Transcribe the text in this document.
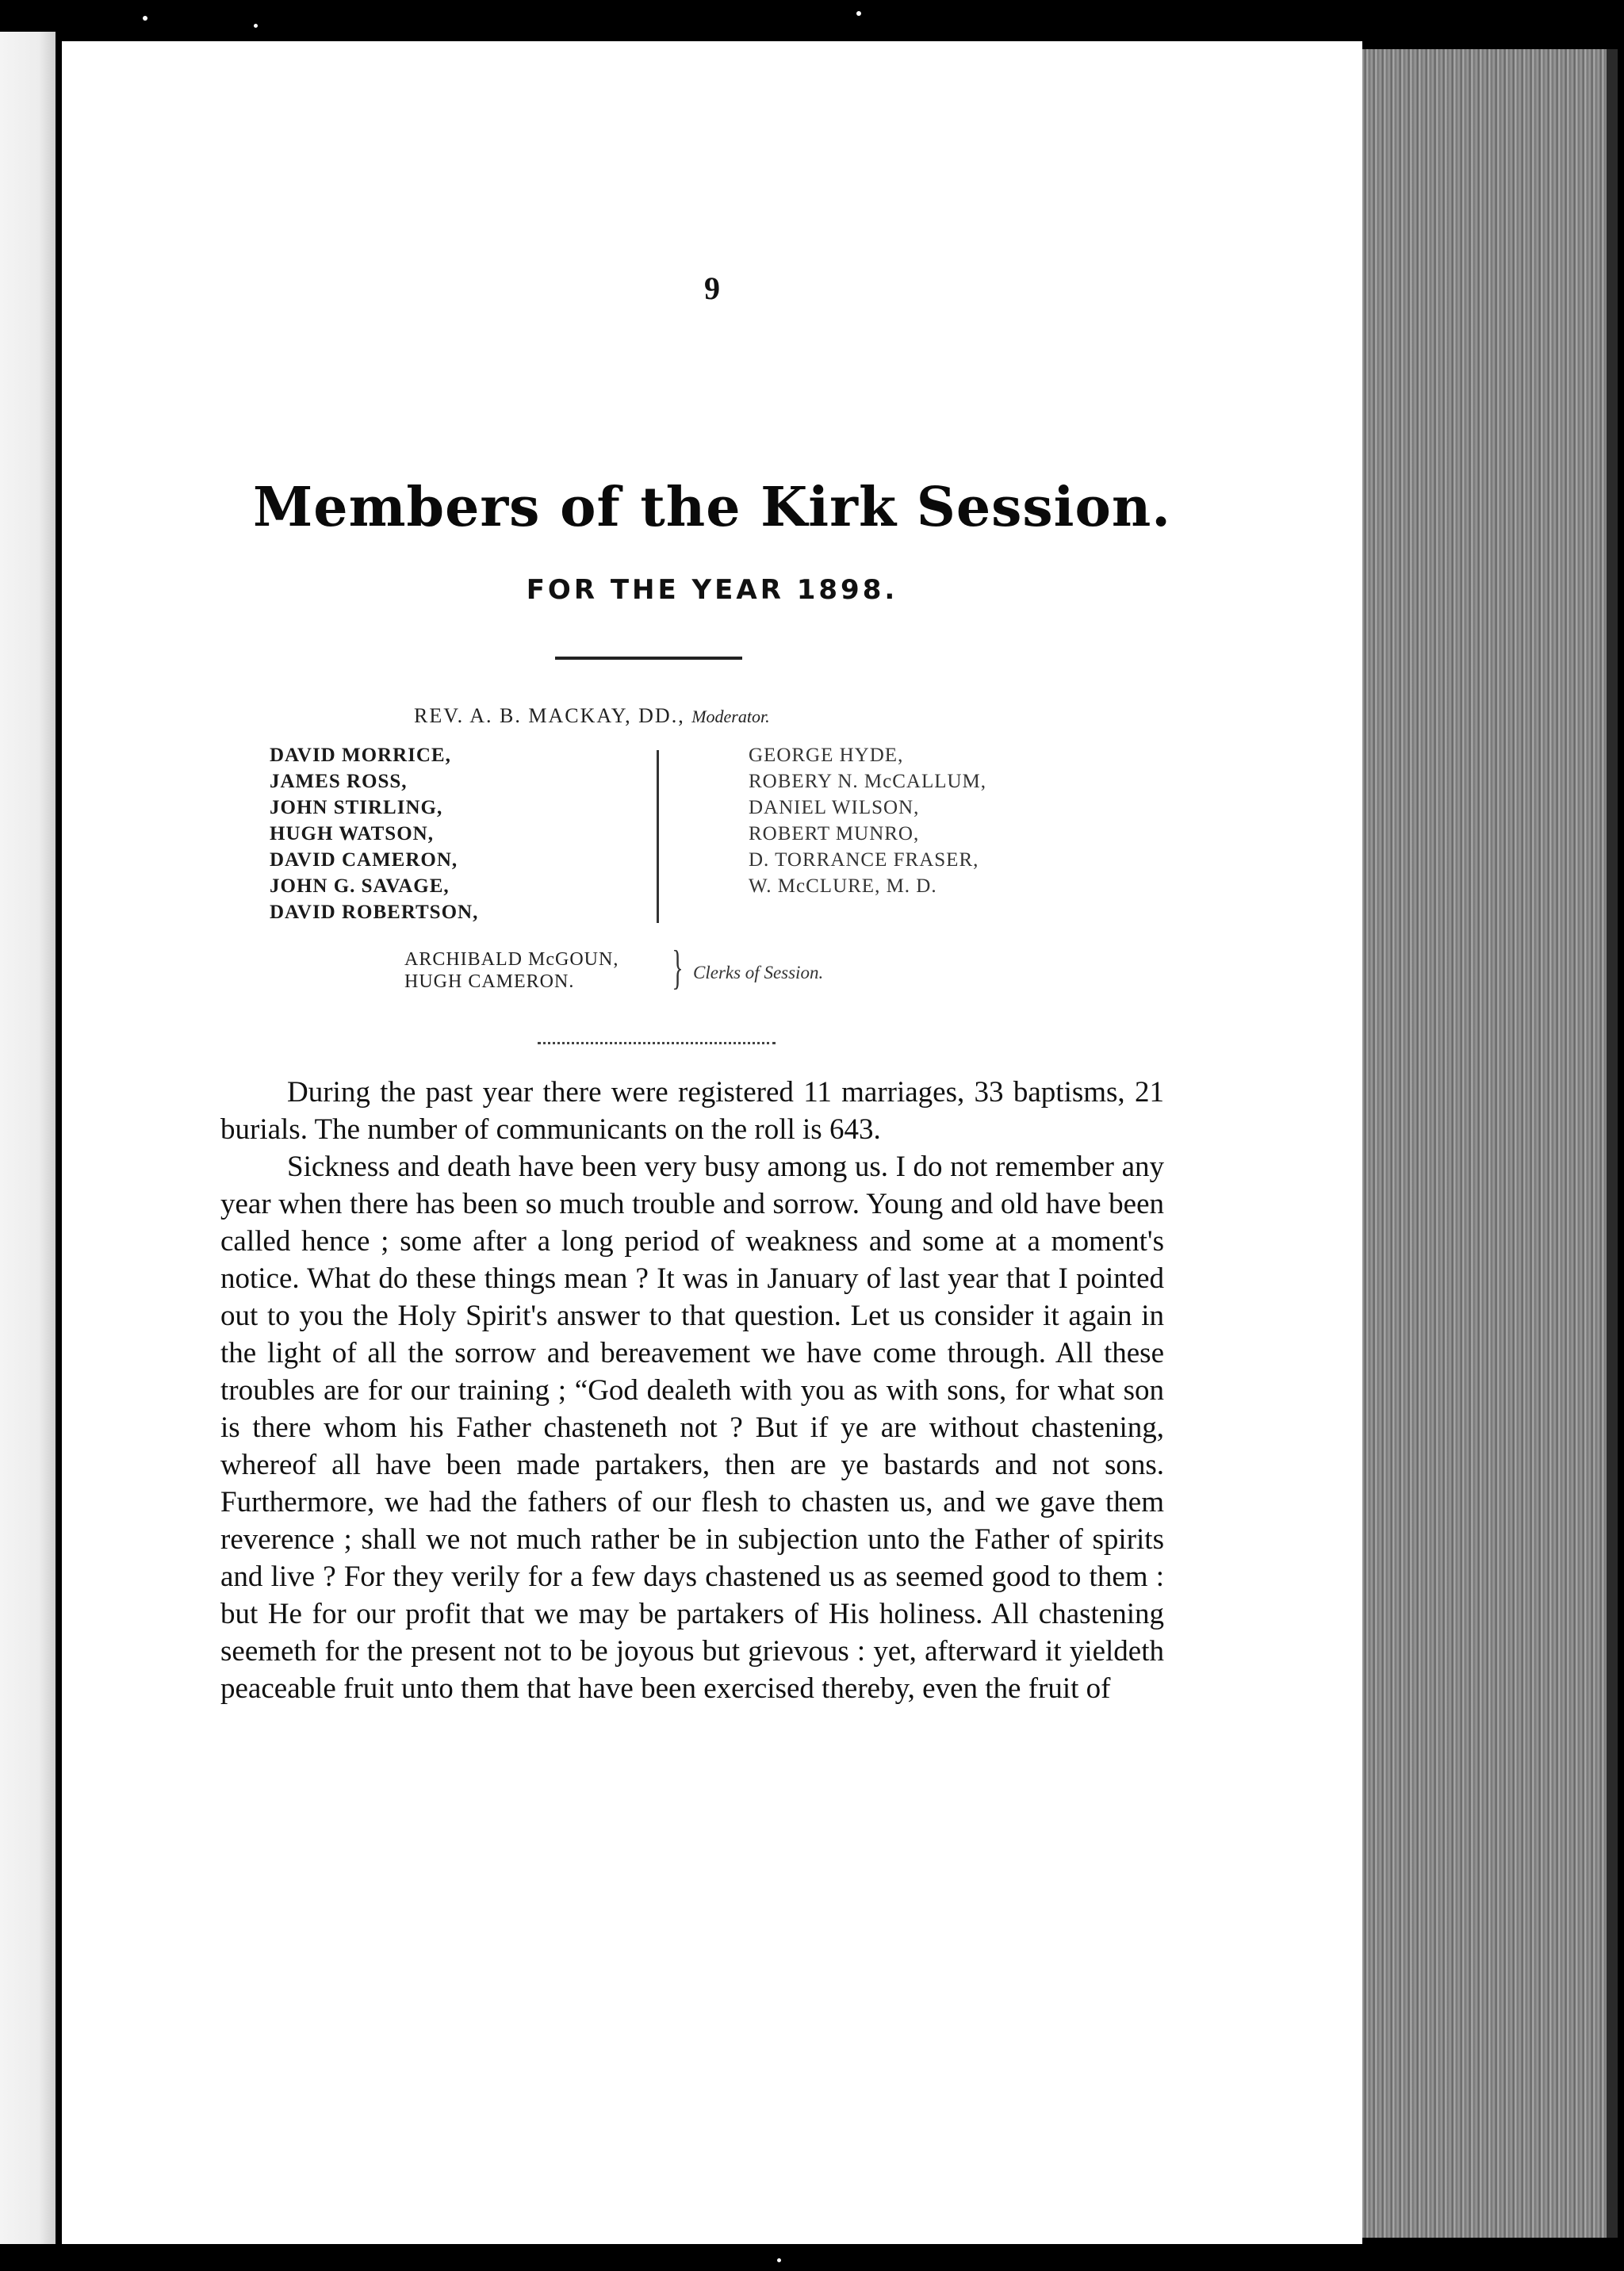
9
Members of the Kirk Session.
FOR THE YEAR 1898.
REV. A. B. MACKAY, DD., Moderator.
DAVID MORRICE,
JAMES ROSS,
JOHN STIRLING,
HUGH WATSON,
DAVID CAMERON,
JOHN G. SAVAGE,
DAVID ROBERTSON,
GEORGE HYDE,
ROBERY N. McCALLUM,
DANIEL WILSON,
ROBERT MUNRO,
D. TORRANCE FRASER,
W. McCLURE, M. D.
ARCHIBALD McGOUN,
HUGH CAMERON.	} Clerks of Session.

During the past year there were registered 11 marriages, 33 baptisms, 21 burials. The number of communicants on the roll is 643.

Sickness and death have been very busy among us. I do not remember any year when there has been so much trouble and sorrow. Young and old have been called hence ; some after a long period of weakness and some at a moment's notice. What do these things mean ? It was in January of last year that I pointed out to you the Holy Spirit's answer to that question. Let us consider it again in the light of all the sorrow and bereavement we have come through. All these troubles are for our training ; “God dealeth with you as with sons, for what son is there whom his Father chasteneth not ? But if ye are without chastening, whereof all have been made partakers, then are ye bastards and not sons. Furthermore, we had the fathers of our flesh to chasten us, and we gave them reverence ; shall we not much rather be in subjection unto the Father of spirits and live ? For they verily for a few days chastened us as seemed good to them : but He for our profit that we may be partakers of His holiness. All chastening seemeth for the present not to be joyous but grievous : yet, afterward it yieldeth peaceable fruit unto them that have been exercised thereby, even the fruit of
